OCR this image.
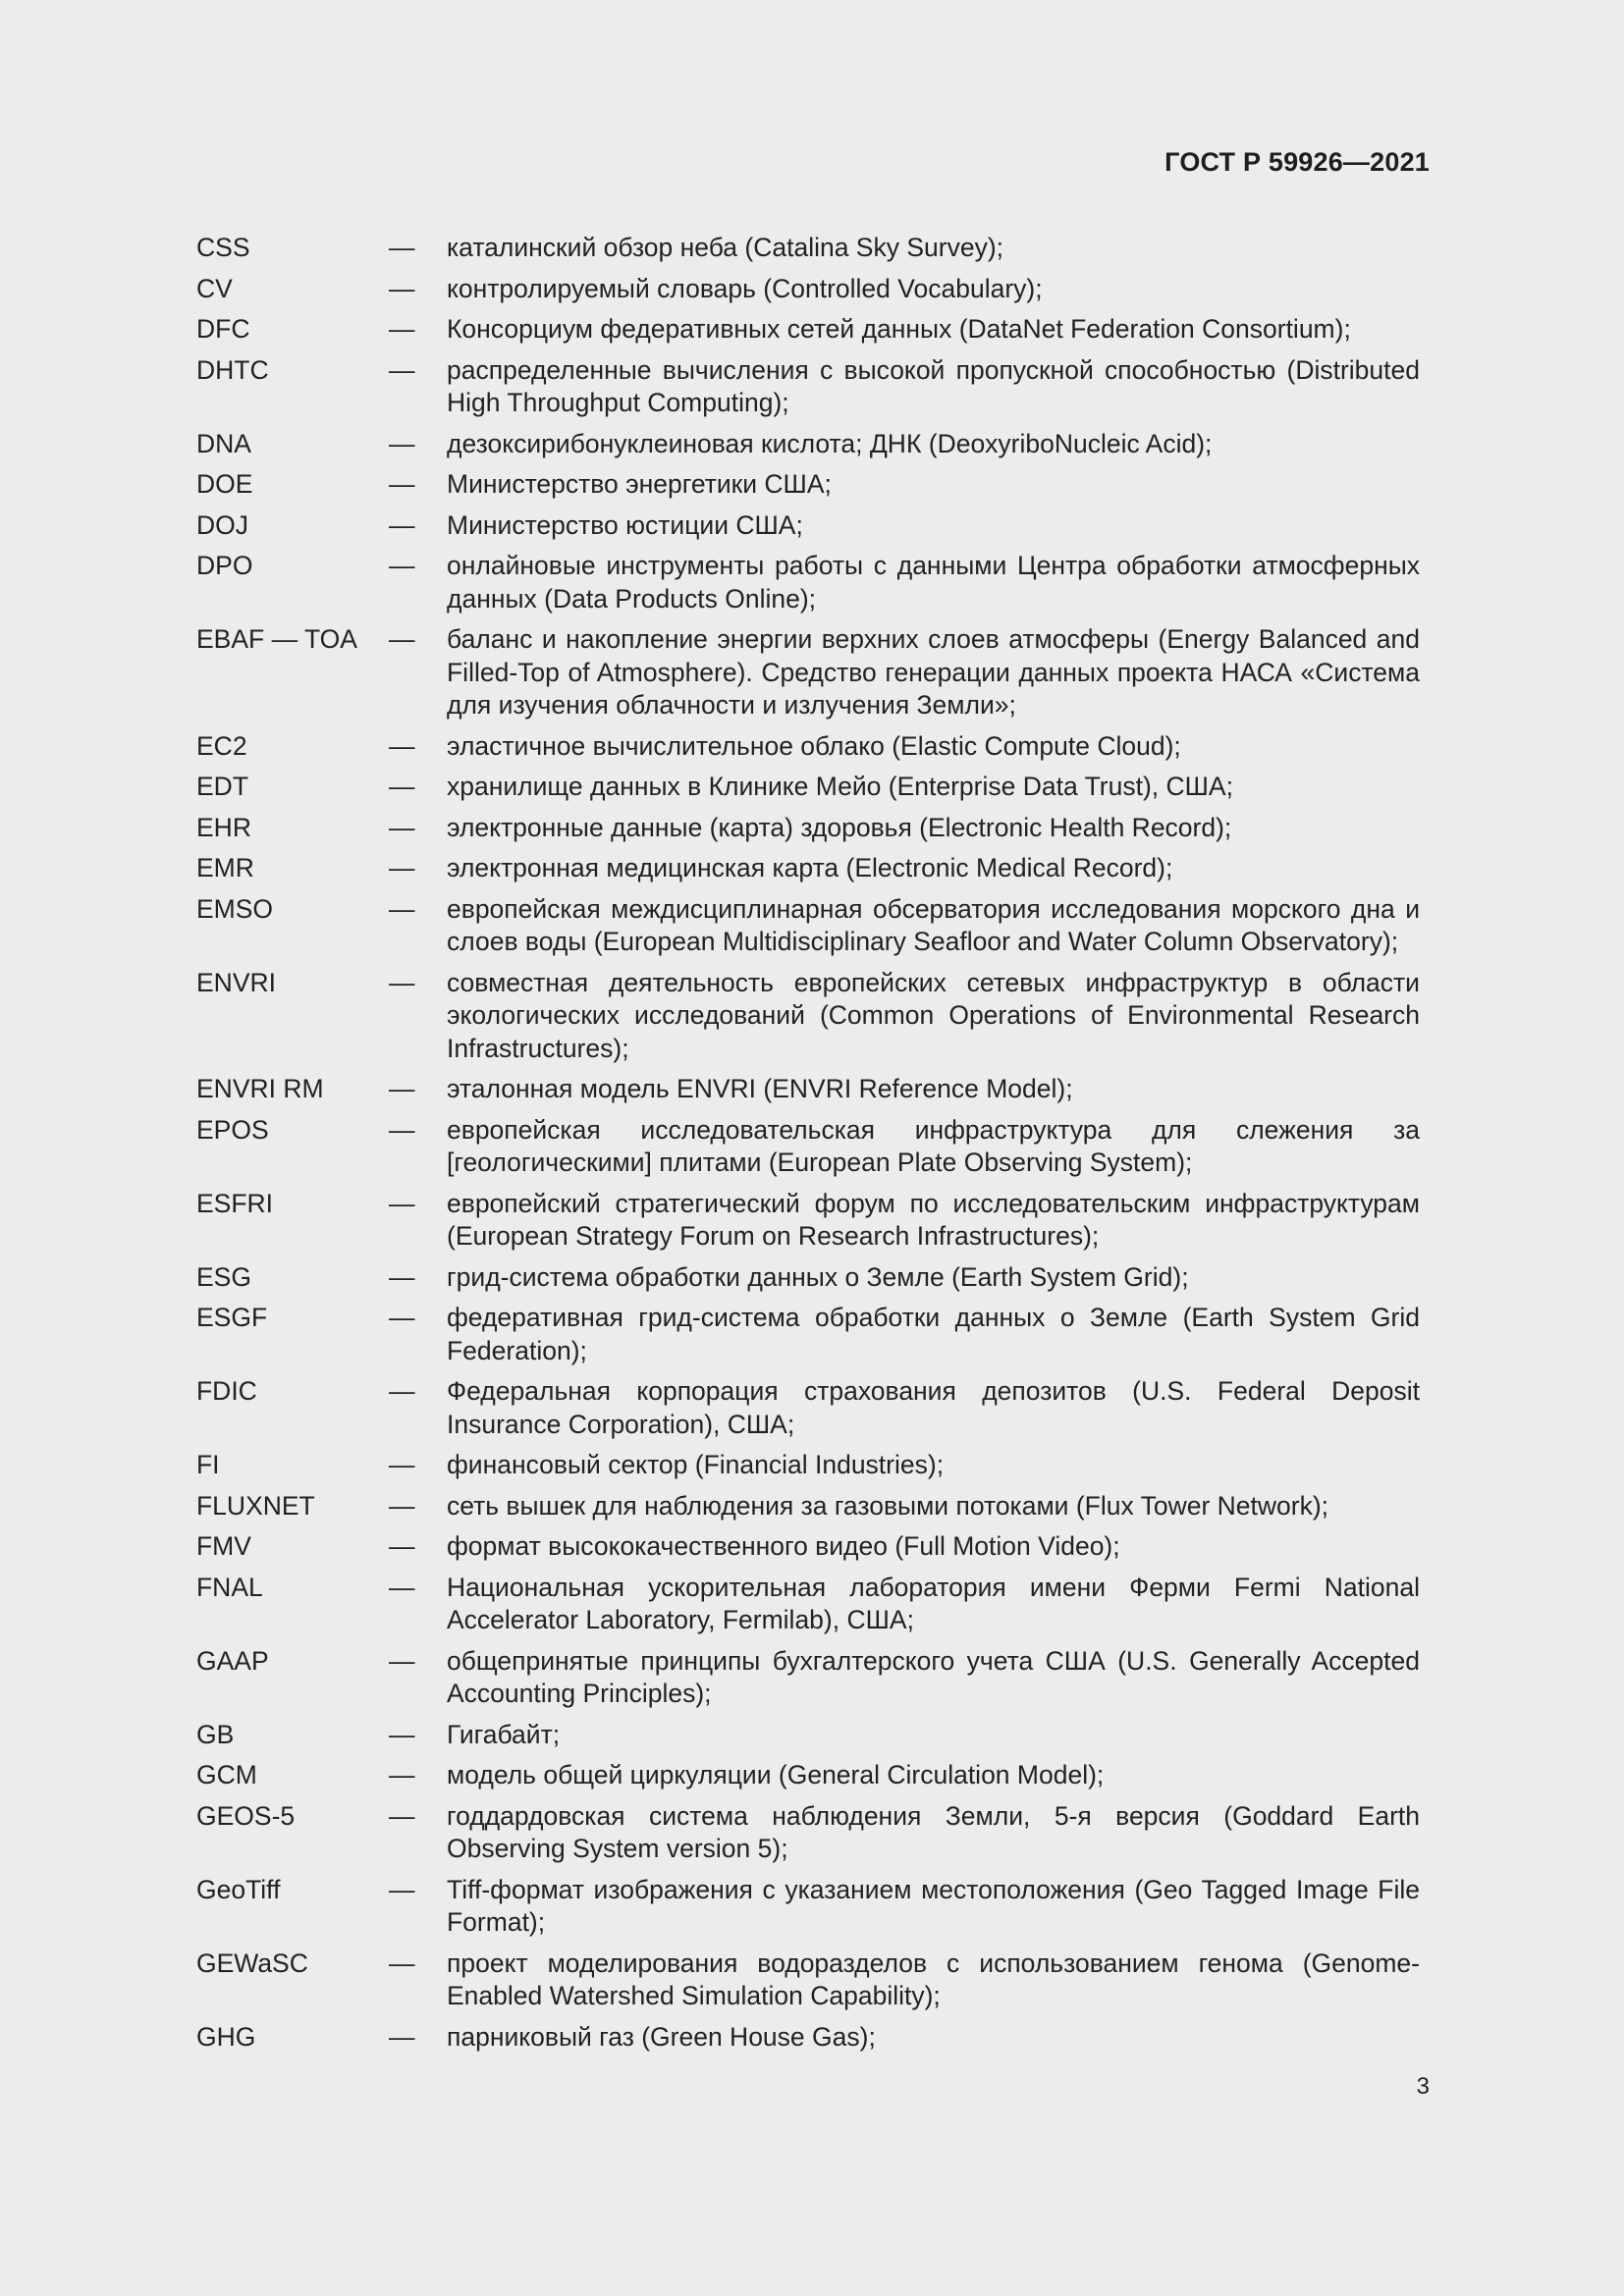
ГОСТ Р 59926—2021
CSS	—	каталинский обзор неба (Catalina Sky Survey);
CV	—	контролируемый словарь (Controlled Vocabulary);
DFC	—	Консорциум федеративных сетей данных (DataNet Federation Consortium);
DHTC	—	распределенные вычисления с высокой пропускной способностью (Distributed High Throughput Computing);
DNA	—	дезоксирибонуклеиновая кислота; ДНК (DeoxyriboNucleic Acid);
DOE	—	Министерство энергетики США;
DOJ	—	Министерство юстиции США;
DPO	—	онлайновые инструменты работы с данными Центра обработки атмосферных данных (Data Products Online);
EBAF — TOA	—	баланс и накопление энергии верхних слоев атмосферы (Energy Balanced and Filled-Top of Atmosphere). Средство генерации данных проекта НАСА «Система для изучения облачности и излучения Земли»;
EC2	—	эластичное вычислительное облако (Elastic Compute Cloud);
EDT	—	хранилище данных в Клинике Мейо (Enterprise Data Trust), США;
EHR	—	электронные данные (карта) здоровья (Electronic Health Record);
EMR	—	электронная медицинская карта (Electronic Medical Record);
EMSO	—	европейская междисциплинарная обсерватория исследования морского дна и слоев воды (European Multidisciplinary Seafloor and Water Column Observatory);
ENVRI	—	совместная деятельность европейских сетевых инфраструктур в области экологических исследований (Common Operations of Environmental Research Infrastructures);
ENVRI RM	—	эталонная модель ENVRI (ENVRI Reference Model);
EPOS	—	европейская исследовательская инфраструктура для слежения за [геологическими] плитами (European Plate Observing System);
ESFRI	—	европейский стратегический форум по исследовательским инфраструктурам (European Strategy Forum on Research Infrastructures);
ESG	—	грид-система обработки данных о Земле (Earth System Grid);
ESGF	—	федеративная грид-система обработки данных о Земле (Earth System Grid Federation);
FDIC	—	Федеральная корпорация страхования депозитов (U.S. Federal Deposit Insurance Corporation), США;
FI	—	финансовый сектор (Financial Industries);
FLUXNET	—	сеть вышек для наблюдения за газовыми потоками (Flux Tower Network);
FMV	—	формат высококачественного видео (Full Motion Video);
FNAL	—	Национальная ускорительная лаборатория имени Ферми Fermi National Accelerator Laboratory, Fermilab), США;
GAAP	—	общепринятые принципы бухгалтерского учета США (U.S. Generally Accepted Accounting Principles);
GB	—	Гигабайт;
GCM	—	модель общей циркуляции (General Circulation Model);
GEOS-5	—	годдардовская система наблюдения Земли, 5-я версия (Goddard Earth Observing System version 5);
GeoTiff	—	Tiff-формат изображения с указанием местоположения (Geo Tagged Image File Format);
GEWaSC	—	проект моделирования водоразделов с использованием генома (Genome-Enabled Watershed Simulation Capability);
GHG	—	парниковый газ (Green House Gas);
3
